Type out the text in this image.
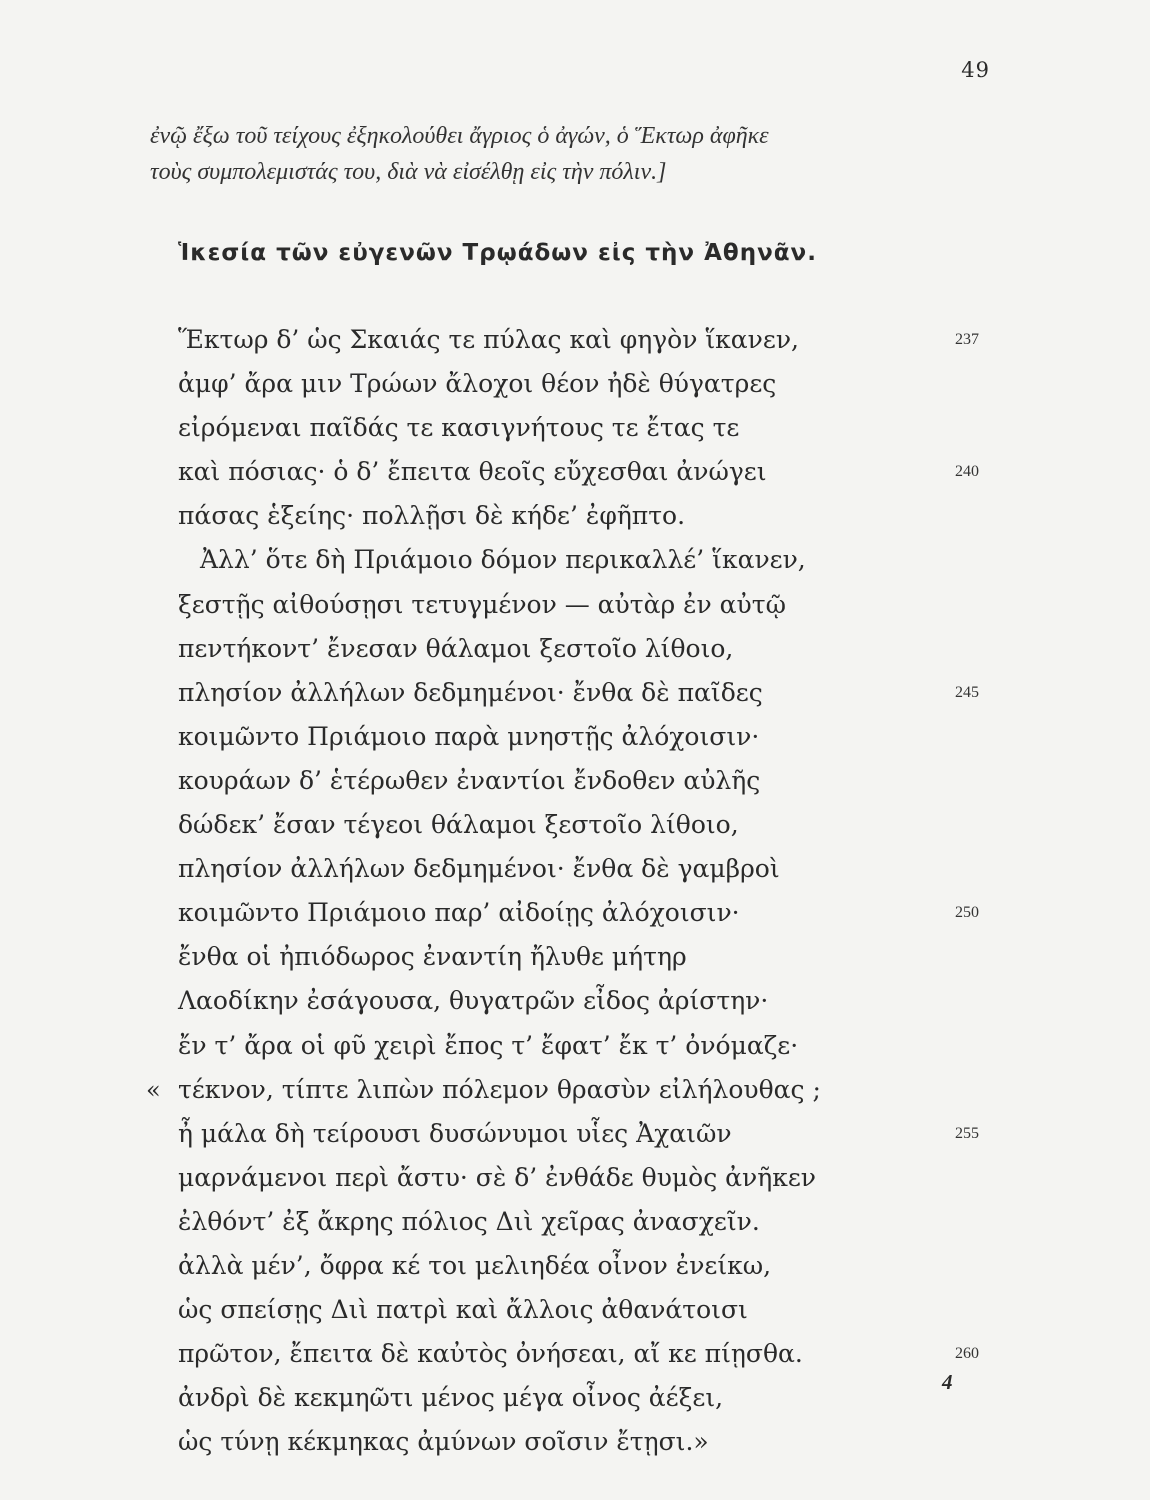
49
ἐνῷ ἔξω τοῦ τείχους ἐξηκολούθει ἄγριος ὁ ἀγών, ὁ Ἕκτωρ ἀφῆκε
τοὺς συμπολεμιστάς του, διὰ νὰ εἰσέλθῃ εἰς τὴν πόλιν.]
Ἱκεσία τῶν εὐγενῶν Τρῳάδων εἰς τὴν Ἀθηνᾶν.
Ἕκτωρ δ’ ὡς Σκαιάς τε πύλας καὶ φηγὸν ἵκανεν,	237
ἀμφ’ ἄρα μιν Τρώων ἄλοχοι θέον ἠδὲ θύγατρες
εἰρόμεναι παῖδάς τε κασιγνήτους τε ἔτας τε
καὶ πόσιας· ὁ δ’ ἔπειτα θεοῖς εὔχεσθαι ἀνώγει	240
πάσας ἑξείης· πολλῇσι δὲ κήδε’ ἐφῆπτο.
Ἀλλ’ ὅτε δὴ Πριάμοιο δόμον περικαλλέ’ ἵκανεν,
ξεστῇς αἰθούσῃσι τετυγμένον — αὐτὰρ ἐν αὐτῷ
πεντήκοντ’ ἔνεσαν θάλαμοι ξεστοῖο λίθοιο,
πλησίον ἀλλήλων δεδμημένοι· ἔνθα δὲ παῖδες	245
κοιμῶντο Πριάμοιο παρὰ μνηστῇς ἀλόχοισιν·
κουράων δ’ ἑτέρωθεν ἐναντίοι ἔνδοθεν αὐλῆς
δώδεκ’ ἔσαν τέγεοι θάλαμοι ξεστοῖο λίθοιο,
πλησίον ἀλλήλων δεδμημένοι· ἔνθα δὲ γαμβροὶ
κοιμῶντο Πριάμοιο παρ’ αἰδοίῃς ἀλόχοισιν·	250
ἔνθα οἱ ἠπιόδωρος ἐναντίη ἤλυθε μήτηρ
Λαοδίκην ἐσάγουσα, θυγατρῶν εἶδος ἀρίστην·
ἔν τ’ ἄρα οἱ φῦ χειρὶ ἔπος τ’ ἔφατ’ ἔκ τ’ ὀνόμαζε·
« τέκνον, τίπτε λιπὼν πόλεμον θρασὺν εἰλήλουθας ;
ἦ μάλα δὴ τείρουσι δυσώνυμοι υἷες Ἀχαιῶν	255
μαρνάμενοι περὶ ἄστυ· σὲ δ’ ἐνθάδε θυμὸς ἀνῆκεν
ἐλθόντ’ ἐξ ἄκρης πόλιος Διὶ χεῖρας ἀνασχεῖν.
ἀλλὰ μέν’, ὄφρα κέ τοι μελιηδέα οἶνον ἐνείκω,
ὡς σπείσῃς Διὶ πατρὶ καὶ ἄλλοις ἀθανάτοισι
πρῶτον, ἔπειτα δὲ καὐτὸς ὀνήσεαι, αἴ κε πίῃσθα.	260
ἀνδρὶ δὲ κεκμηῶτι μένος μέγα οἶνος ἀέξει,
ὡς τύνῃ κέκμηκας ἀμύνων σοῖσιν ἔτῃσι.»
4
